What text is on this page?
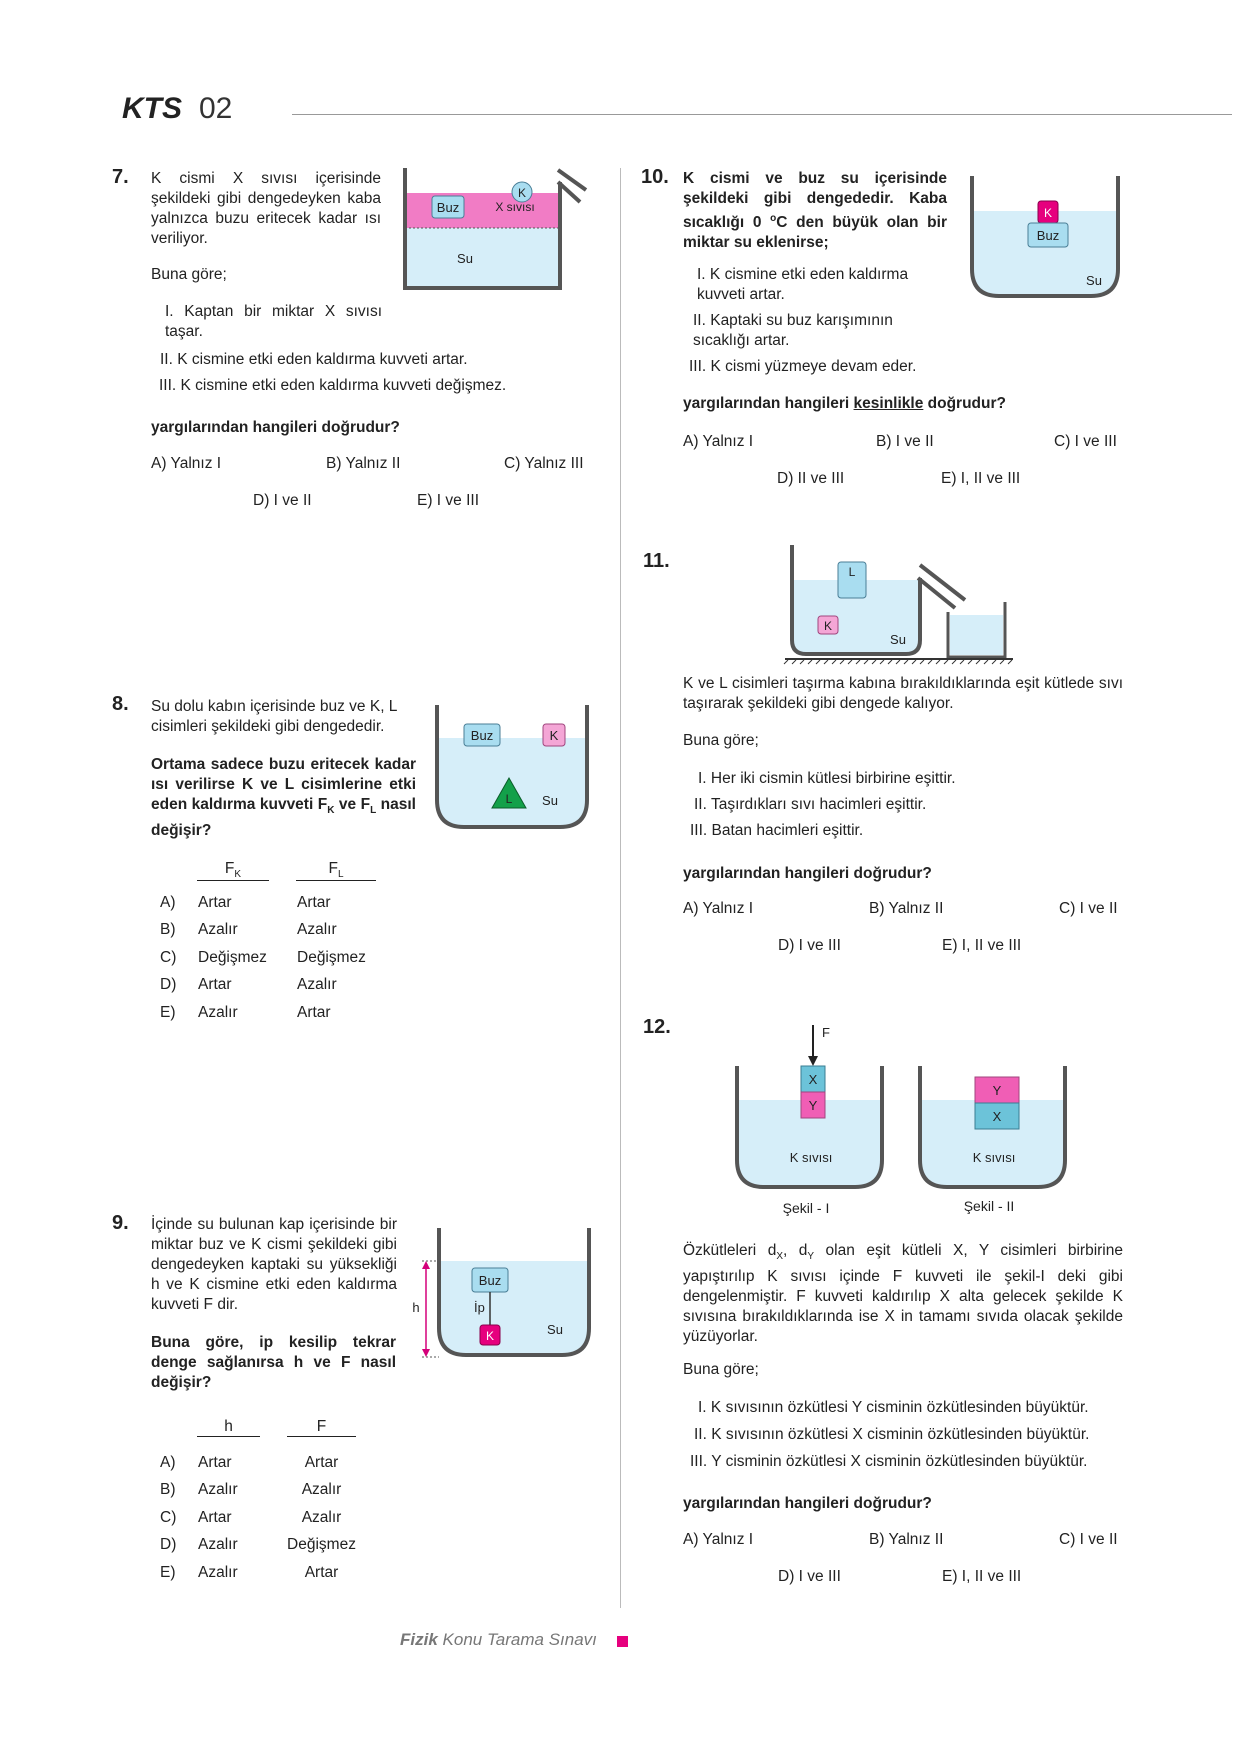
KTS 02
7. K cismi X sıvısı içerisinde şekildeki gibi dengedeyken kaba yalnızca buzu eritecek kadar ısı veriliyor.
Buz
K
X sıvısı
Su
Buna göre;
I. Kaptan bir miktar X sıvısı taşar.
II. K cismine etki eden kaldırma kuvveti artar.
III. K cismine etki eden kaldırma kuvveti değişmez.
yargılarından hangileri doğrudur?
A) Yalnız I	B) Yalnız II	C) Yalnız III
D) I ve II	E) I ve III
8. Su dolu kabın içerisinde buz ve K, L cisimleri şekildeki gibi dengededir.
Ortama sadece buzu eritecek kadar ısı verilirse K ve L cisimlerine etki eden kaldırma kuvveti $F_K$ ve $F_L$ nasıl değişir?
Buz	K
L Su
$F_K$	$F_L$
A) Artar	Artar
B) Azalır	Azalır
C) Değişmez Değişmez
D) Artar	Azalır
E) Azalır	Artar
9. İçinde su bulunan kap içerisinde bir miktar buz ve K cismi şekildeki gibi dengedeyken kaptaki su yüksekliği h ve K cismine etki eden kaldırma kuvveti F dir.
Buna göre, ip kesilip tekrar denge sağlanırsa h ve F nasıl değişir?
h
Buz
İp
K	Su
h	F
A) Artar	Artar
B) Azalır	Azalır
C) Artar	Azalır
D) Azalır	Değişmez
E) Azalır	Artar
10. K cismi ve buz su içerisinde şekildeki gibi dengededir. Kaba sıcaklığı 0 $^o$C den büyük olan bir miktar su eklenirse;
K
Buz
Su
I. K cismine etki eden kaldırma kuvveti artar.
II. Kaptaki su buz karışımının sıcaklığı artar.
III. K cismi yüzmeye devam eder.
yargılarından hangileri kesinlikle doğrudur?
A) Yalnız I	B) I ve II	C) I ve III
D) II ve III	E) I, II ve III
11.	L
K
Su
K ve L cisimleri taşırma kabına bırakıldıklarında eşit kütlede sıvı taşırarak şekildeki gibi dengede kalıyor.
Buna göre;
I. Her iki cismin kütlesi birbirine eşittir.
II. Taşırdıkları sıvı hacimleri eşittir.
III. Batan hacimleri eşittir.
yargılarından hangileri doğrudur?
A) Yalnız I	B) Yalnız II	C) I ve II
D) I ve III	E) I, II ve III
12.	F
X
Y
K sıvısı
Şekil - I
Y
X
K sıvısı
Şekil - II
Özkütleleri $d_X$, $d_Y$ olan eşit kütleli X, Y cisimleri birbirine yapıştırılıp K sıvısı içinde F kuvveti ile şekil-I deki gibi dengelenmiştir. F kuvveti kaldırılıp X alta gelecek şekilde K sıvısına bırakıldıklarında ise X in tamamı sıvıda olacak şekilde yüzüyorlar.
Buna göre;
I. K sıvısının özkütlesi Y cisminin özkütlesinden büyüktür.
II. K sıvısının özkütlesi X cisminin özkütlesinden büyüktür.
III. Y cisminin özkütlesi X cisminin özkütlesinden büyüktür.
yargılarından hangileri doğrudur?
A) Yalnız I	B) Yalnız II	C) I ve II
D) I ve III	E) I, II ve III
Fizik Konu Tarama Sınavı
